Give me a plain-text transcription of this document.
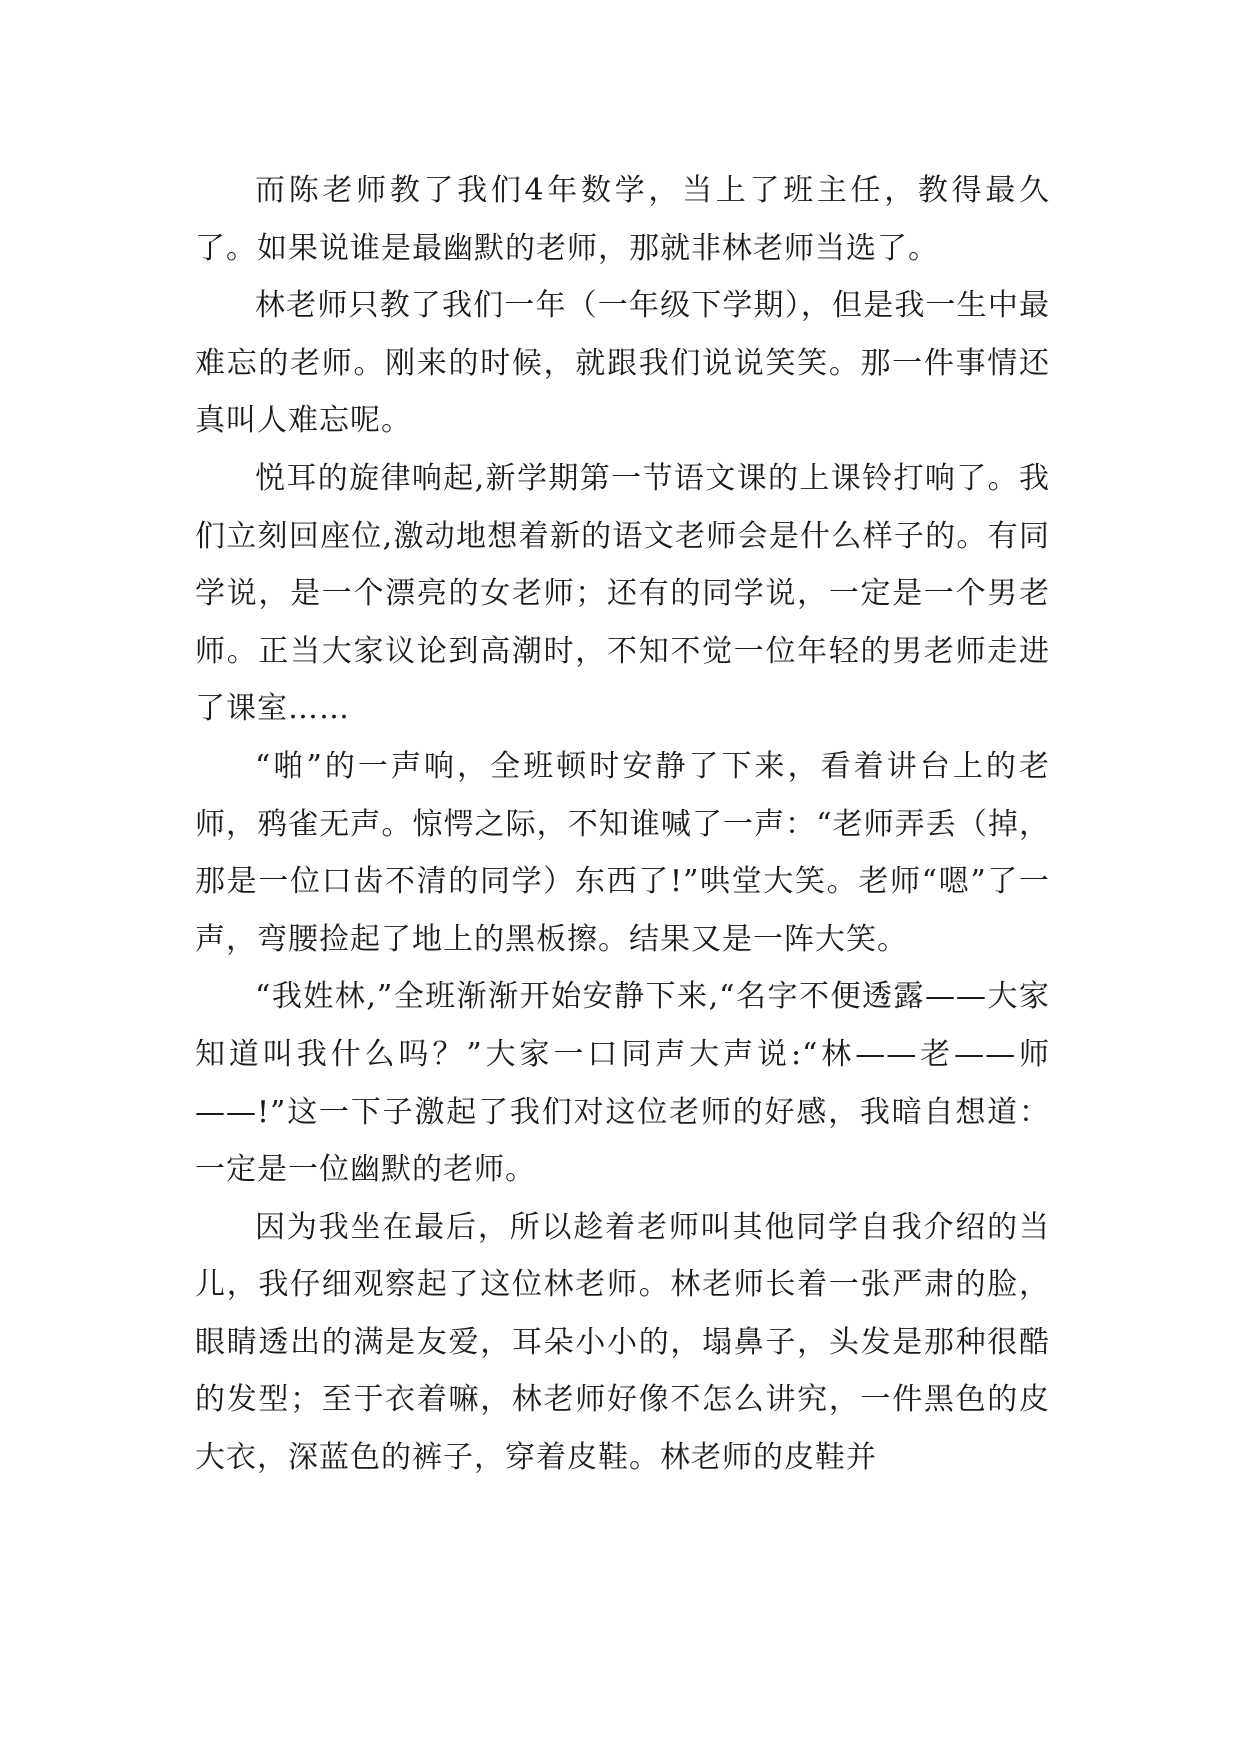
而陈老师教了我们4年数学，当上了班主任，教得最久了。如果说谁是最幽默的老师，那就非林老师当选了。

林老师只教了我们一年（一年级下学期），但是我一生中最难忘的老师。刚来的时候，就跟我们说说笑笑。那一件事情还真叫人难忘呢。

悦耳的旋律响起,新学期第一节语文课的上课铃打响了。我们立刻回座位,激动地想着新的语文老师会是什么样子的。有同学说，是一个漂亮的女老师；还有的同学说，一定是一个男老师。正当大家议论到高潮时，不知不觉一位年轻的男老师走进了课室……

“啪”的一声响，全班顿时安静了下来，看着讲台上的老师，鸦雀无声。惊愕之际，不知谁喊了一声：“老师弄丢（掉，那是一位口齿不清的同学）东西了!”哄堂大笑。老师“嗯”了一声，弯腰捡起了地上的黑板擦。结果又是一阵大笑。

“我姓林,”全班渐渐开始安静下来,“名字不便透露——大家知道叫我什么吗？”大家一口同声大声说:“林——老——师——!”这一下子激起了我们对这位老师的好感，我暗自想道：一定是一位幽默的老师。

因为我坐在最后，所以趁着老师叫其他同学自我介绍的当儿，我仔细观察起了这位林老师。林老师长着一张严肃的脸，眼睛透出的满是友爱，耳朵小小的，塌鼻子，头发是那种很酷的发型；至于衣着嘛，林老师好像不怎么讲究，一件黑色的皮大衣，深蓝色的裤子，穿着皮鞋。林老师的皮鞋并
